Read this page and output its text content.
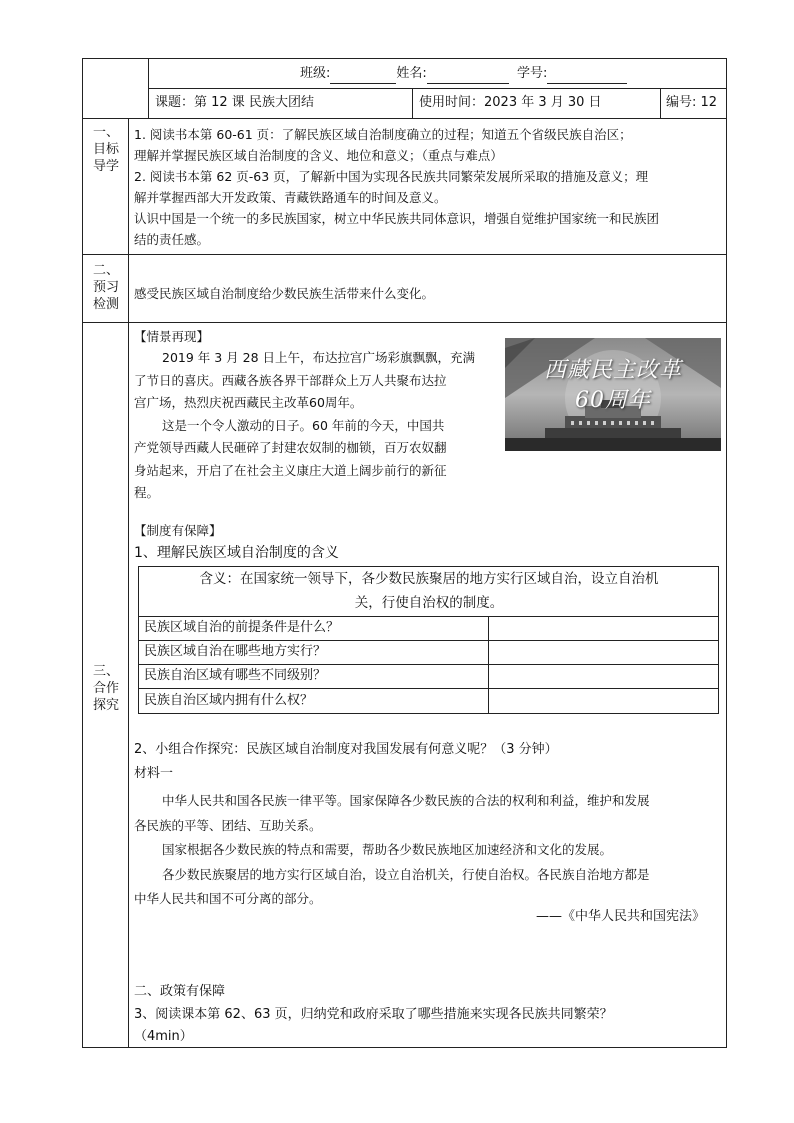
班级:	姓名:	学号:
课题：第 12 课 民族大团结	使用时间：2023 年 3 月 30 日	编号: 12
一、
目标
导学
1. 阅读书本第 60-61 页：了解民族区域自治制度确立的过程；知道五个省级民族自治区；
理解并掌握民族区域自治制度的含义、地位和意义；（重点与难点）
2. 阅读书本第 62 页-63 页，了解新中国为实现各民族共同繁荣发展所采取的措施及意义；理
解并掌握西部大开发政策、青藏铁路通车的时间及意义。
认识中国是一个统一的多民族国家，树立中华民族共同体意识，增强自觉维护国家统一和民族团
结的责任感。
二、
预习
检测
感受民族区域自治制度给少数民族生活带来什么变化。
三、
合作
探究
【情景再现】
2019 年 3 月 28 日上午，布达拉宫广场彩旗飘飘，充满
了节日的喜庆。西藏各族各界干部群众上万人共聚布达拉
宫广场，热烈庆祝西藏民主改革60周年。
这是一个令人激动的日子。60 年前的今天，中国共
产党领导西藏人民砸碎了封建农奴制的枷锁，百万农奴翻
身站起来，开启了在社会主义康庄大道上阔步前行的新征
程。
西藏民主改革
60周年
【制度有保障】
1、理解民族区域自治制度的含义
含义：在国家统一领导下，各少数民族聚居的地方实行区域自治，设立自治机
关，行使自治权的制度。
民族区域自治的前提条件是什么？
民族区域自治在哪些地方实行？
民族自治区域有哪些不同级别？
民族自治区域内拥有什么权？
2、小组合作探究：民族区域自治制度对我国发展有何意义呢？（3 分钟）
材料一
中华人民共和国各民族一律平等。国家保障各少数民族的合法的权利和利益，维护和发展
各民族的平等、团结、互助关系。
国家根据各少数民族的特点和需要，帮助各少数民族地区加速经济和文化的发展。
各少数民族聚居的地方实行区域自治，设立自治机关，行使自治权。各民族自治地方都是
中华人民共和国不可分离的部分。
——《中华人民共和国宪法》
二、政策有保障
3、阅读课本第 62、63 页，归纳党和政府采取了哪些措施来实现各民族共同繁荣？
（4min）
